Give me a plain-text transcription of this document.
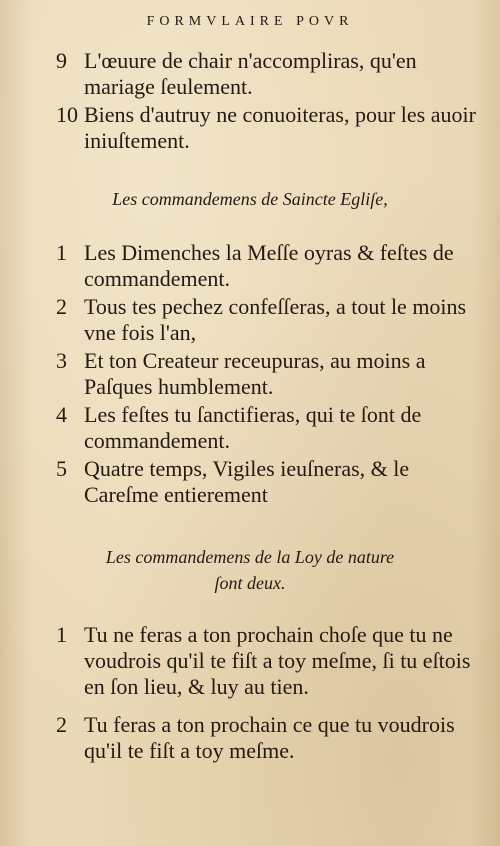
FORMVLAIRE POVR
9 L'œuure de chair n'accompliras, qu'en mariage ſeulement.
10 Biens d'autruy ne conuoiteras, pour les auoir iniuſtement.
Les commandemens de Saincte Egliſe,
1 Les Dimenches la Meſſe oyras & feſtes de commandement.
2 Tous tes pechez confeſſeras, a tout le moins vne fois l'an,
3 Et ton Createur receupuras, au moins a Paſques humblement.
4 Les feſtes tu ſanctifieras, qui te ſont de commandement.
5 Quatre temps, Vigiles ieuſneras, & le Careſme entierement
Les commandemens de la Loy de nature
ſont deux.
1 Tu ne feras a ton prochain choſe que tu ne voudrois qu'il te fiſt a toy meſme, ſi tu eſtois en ſon lieu, & luy au tien.
2 Tu feras a ton prochain ce que tu voudrois qu'il te fiſt a toy meſme.
